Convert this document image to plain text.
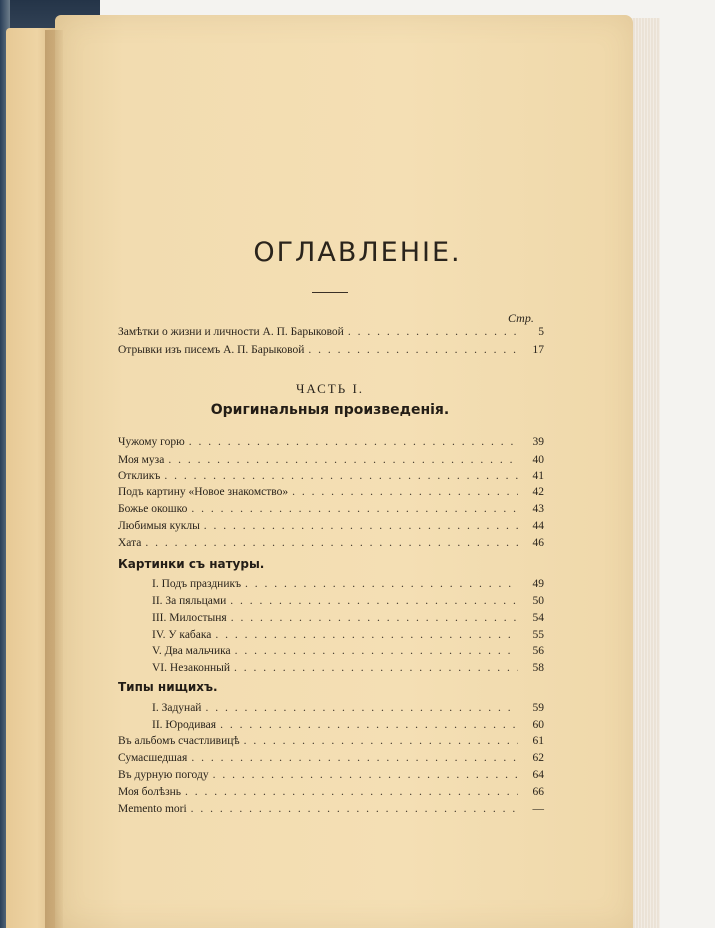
ОГЛАВЛЕНIЕ.
Стр.
Замѣтки о жизни и личности А. П. Барыковой . . .	5
Отрывки изъ писемъ А. П. Барыковой . . .	17
ЧАСТЬ I.
Оригинальныя произведенiя.
Чужому горю . . .	39
Моя муза . . .	40
Откликъ . . .	41
Подъ картину «Новое знакомство» . . .	42
Божье окошко . . .	43
Любимыя куклы . . .	44
Хата . . .	46
Картинки съ натуры.
I. Подъ праздникъ . . .	49
II. За пяльцами . . .	50
III. Милостыня . . .	54
IV. У кабака . . .	55
V. Два мальчика . . .	56
VI. Незаконный . . .	58
Типы нищихъ.
I. Задунай . . .	59
II. Юродивая . . .	60
Въ альбомъ счастливицѣ . . .	61
Сумасшедшая . . .	62
Въ дурную погоду . . .	64
Моя болѣзнь . . .	66
Memento mori . . .	—
